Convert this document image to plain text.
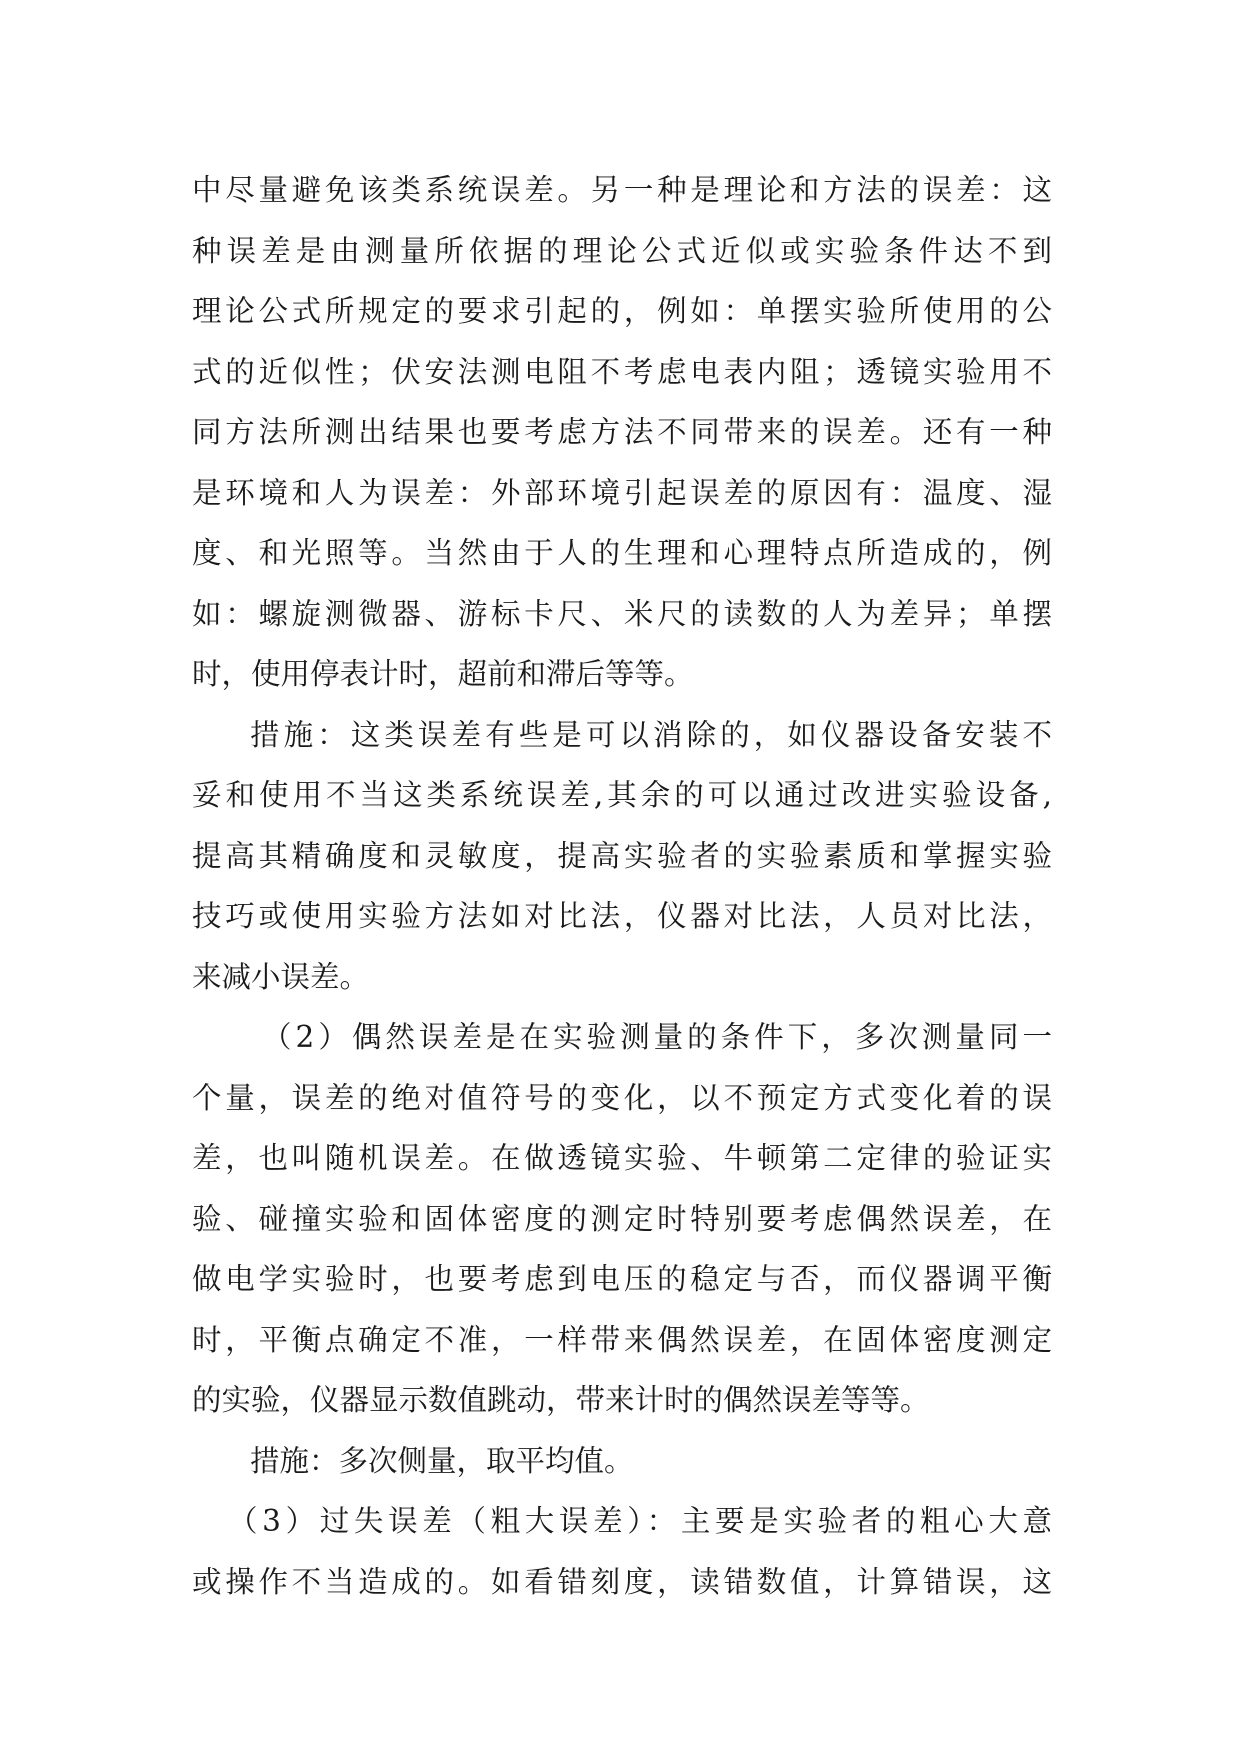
中尽量避免该类系统误差。另一种是理论和方法的误差：这
种误差是由测量所依据的理论公式近似或实验条件达不到
理论公式所规定的要求引起的，例如：单摆实验所使用的公
式的近似性；伏安法测电阻不考虑电表内阻；透镜实验用不
同方法所测出结果也要考虑方法不同带来的误差。还有一种
是环境和人为误差：外部环境引起误差的原因有：温度、湿
度、和光照等。当然由于人的生理和心理特点所造成的，例
如：螺旋测微器、游标卡尺、米尺的读数的人为差异；单摆
时，使用停表计时，超前和滞后等等。
措施：这类误差有些是可以消除的，如仪器设备安装不
妥和使用不当这类系统误差,其余的可以通过改进实验设备,
提高其精确度和灵敏度，提高实验者的实验素质和掌握实验
技巧或使用实验方法如对比法，仪器对比法，人员对比法，
来减小误差。
（2）偶然误差是在实验测量的条件下，多次测量同一
个量，误差的绝对值符号的变化，以不预定方式变化着的误
差，也叫随机误差。在做透镜实验、牛顿第二定律的验证实
验、碰撞实验和固体密度的测定时特别要考虑偶然误差，在
做电学实验时，也要考虑到电压的稳定与否，而仪器调平衡
时，平衡点确定不准，一样带来偶然误差，在固体密度测定
的实验，仪器显示数值跳动，带来计时的偶然误差等等。
措施：多次侧量，取平均值。
（3）过失误差（粗大误差）：主要是实验者的粗心大意
或操作不当造成的。如看错刻度，读错数值，计算错误，这
